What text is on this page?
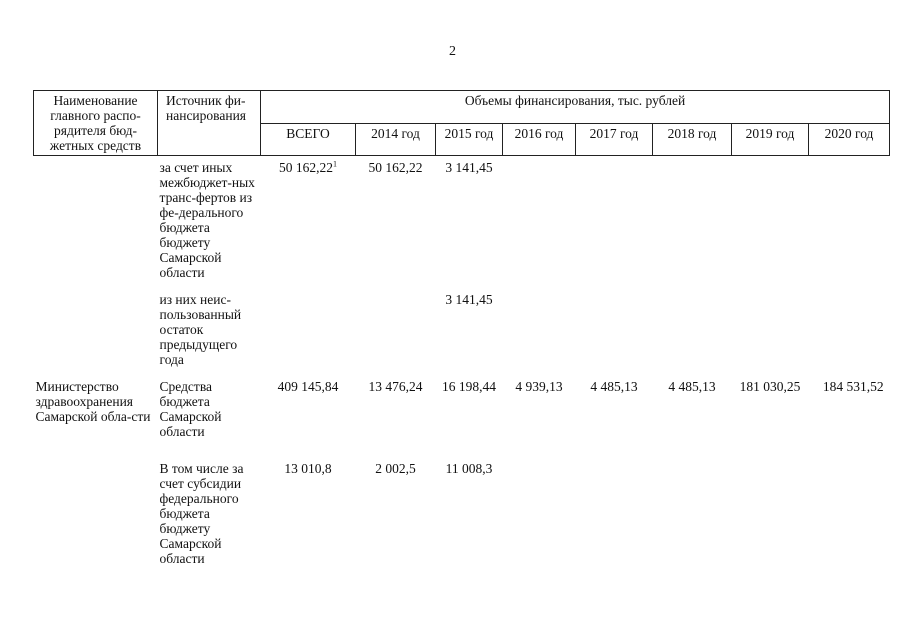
2
Наименование главного распо-рядителя бюд-жетных средств	Источник фи-нансирования	Объемы финансирования, тыс. рублей							
		ВСЕГО	2014 год	2015 год	2016 год	2017 год	2018 год	2019 год	2020 год
	за счет иных межбюджет-ных транс-фертов из фе-дерального бюджета бюджету Самарской области	50 162,22$^1$	50 162,22	3 141,45					
	из них неис-пользованный остаток предыдущего года			3 141,45					
Министерство здравоохранения Самарской обла-сти	Средства бюджета Самарской области	409 145,84	13 476,24	16 198,44	4 939,13	4 485,13	4 485,13	181 030,25	184 531,52
	В том числе за счет субсидии федерального бюджета бюджету Самарской области	13 010,8	2 002,5	11 008,3					
